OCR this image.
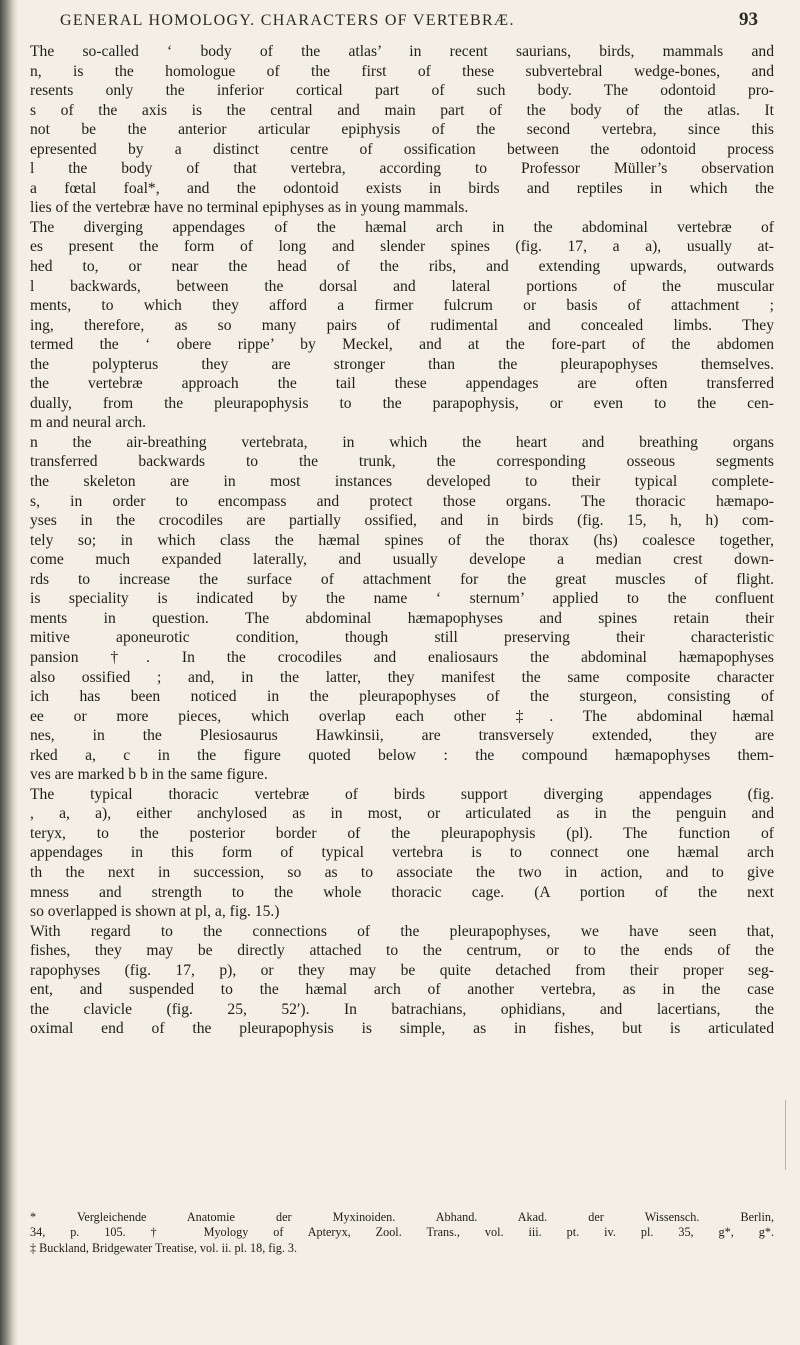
GENERAL HOMOLOGY. CHARACTERS OF VERTEBRÆ.	93
The so-called ‘ body of the atlas’ in recent saurians, birds, mammals and
n, is the homologue of the first of these subvertebral wedge-bones, and
resents only the inferior cortical part of such body. The odontoid pro-
s of the axis is the central and main part of the body of the atlas. It
not be the anterior articular epiphysis of the second vertebra, since this
epresented by a distinct centre of ossification between the odontoid process
l the body of that vertebra, according to Professor Müller’s observation
a fœtal foal*, and the odontoid exists in birds and reptiles in which the
lies of the vertebræ have no terminal epiphyses as in young mammals.
The diverging appendages of the hæmal arch in the abdominal vertebræ of
es present the form of long and slender spines (fig. 17, a a), usually at-
hed to, or near the head of the ribs, and extending upwards, outwards
l backwards, between the dorsal and lateral portions of the muscular
ments, to which they afford a firmer fulcrum or basis of attachment ;
ing, therefore, as so many pairs of rudimental and concealed limbs. They
termed the ‘ obere rippe’ by Meckel, and at the fore-part of the abdomen
the polypterus they are stronger than the pleurapophyses themselves.
the vertebræ approach the tail these appendages are often transferred
dually, from the pleurapophysis to the parapophysis, or even to the cen-
m and neural arch.
n the air-breathing vertebrata, in which the heart and breathing organs
transferred backwards to the trunk, the corresponding osseous segments
the skeleton are in most instances developed to their typical complete-
s, in order to encompass and protect those organs. The thoracic hæmapo-
yses in the crocodiles are partially ossified, and in birds (fig. 15, h, h) com-
tely so; in which class the hæmal spines of the thorax (hs) coalesce together,
come much expanded laterally, and usually develope a median crest down-
rds to increase the surface of attachment for the great muscles of flight.
is speciality is indicated by the name ‘ sternum’ applied to the confluent
ments in question. The abdominal hæmapophyses and spines retain their
mitive aponeurotic condition, though still preserving their characteristic
pansion †. In the crocodiles and enaliosaurs the abdominal hæmapophyses
also ossified ; and, in the latter, they manifest the same composite character
ich has been noticed in the pleurapophyses of the sturgeon, consisting of
ee or more pieces, which overlap each other ‡. The abdominal hæmal
nes, in the Plesiosaurus Hawkinsii, are transversely extended, they are
rked a, c in the figure quoted below : the compound hæmapophyses them-
ves are marked b b in the same figure.
The typical thoracic vertebræ of birds support diverging appendages (fig.
, a, a), either anchylosed as in most, or articulated as in the penguin and
teryx, to the posterior border of the pleurapophysis (pl). The function of
appendages in this form of typical vertebra is to connect one hæmal arch
th the next in succession, so as to associate the two in action, and to give
mness and strength to the whole thoracic cage. (A portion of the next
so overlapped is shown at pl, a, fig. 15.)
With regard to the connections of the pleurapophyses, we have seen that,
fishes, they may be directly attached to the centrum, or to the ends of the
rapophyses (fig. 17, p), or they may be quite detached from their proper seg-
ent, and suspended to the hæmal arch of another vertebra, as in the case
the clavicle (fig. 25, 52′). In batrachians, ophidians, and lacertians, the
oximal end of the pleurapophysis is simple, as in fishes, but is articulated
* Vergleichende Anatomie der Myxinoiden. Abhand. Akad. der Wissensch. Berlin,
34, p. 105. † Myology of Apteryx, Zool. Trans., vol. iii. pt. iv. pl. 35, g*, g*.
‡ Buckland, Bridgewater Treatise, vol. ii. pl. 18, fig. 3.
